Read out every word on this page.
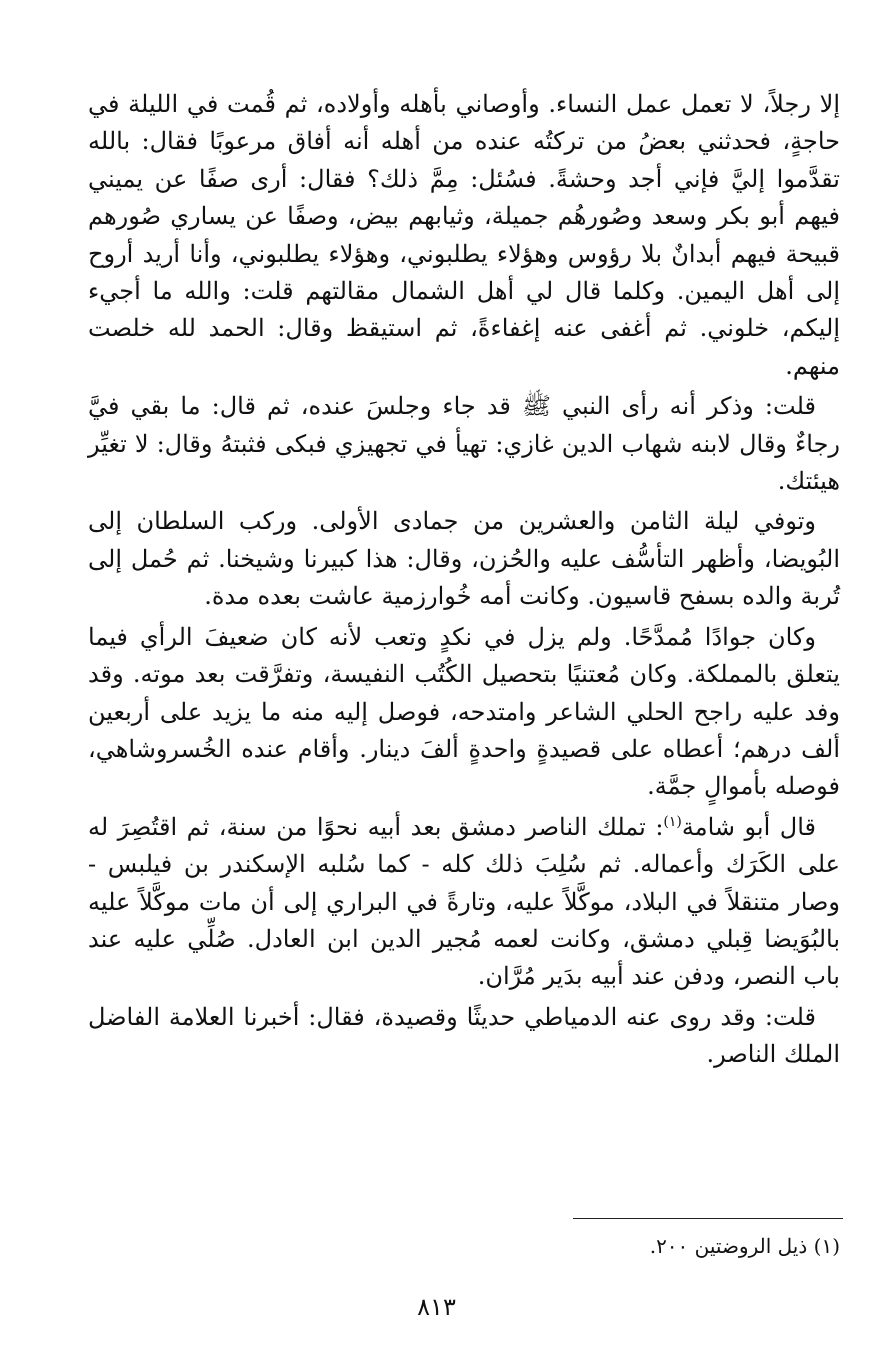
إلا رجلاً، لا تعمل عمل النساء. وأوصاني بأهله وأولاده، ثم قُمت في الليلة في حاجةٍ، فحدثني بعضُ من تركتُه عنده من أهله أنه أفاق مرعوبًا فقال: بالله تقدَّموا إليَّ فإني أجد وحشةً. فسُئل: مِمَّ ذلك؟ فقال: أرى صفًا عن يميني فيهم أبو بكر وسعد وصُورهُم جميلة، وثيابهم بيض، وصفًا عن يساري صُورهم قبيحة فيهم أبدانٌ بلا رؤوس وهؤلاء يطلبوني، وهؤلاء يطلبوني، وأنا أريد أروح إلى أهل اليمين. وكلما قال لي أهل الشمال مقالتهم قلت: والله ما أجيء إليكم، خلوني. ثم أغفى عنه إغفاءةً، ثم استيقظ وقال: الحمد لله خلصت منهم.

قلت: وذكر أنه رأى النبي ﷺ قد جاء وجلسَ عنده، ثم قال: ما بقي فيَّ رجاءٌ وقال لابنه شهاب الدين غازي: تهيأ في تجهيزي فبكى فثبتهُ وقال: لا تغيِّر هيئتك.

وتوفي ليلة الثامن والعشرين من جمادى الأولى. وركب السلطان إلى البُويضا، وأظهر التأسُّف عليه والحُزن، وقال: هذا كبيرنا وشيخنا. ثم حُمل إلى تُربة والده بسفح قاسيون. وكانت أمه خُوارزمية عاشت بعده مدة.

وكان جوادًا مُمدَّحًا. ولم يزل في نكدٍ وتعب لأنه كان ضعيفَ الرأي فيما يتعلق بالمملكة. وكان مُعتنيًا بتحصيل الكُتُب النفيسة، وتفرَّقت بعد موته. وقد وفد عليه راجح الحلي الشاعر وامتدحه، فوصل إليه منه ما يزيد على أربعين ألف درهم؛ أعطاه على قصيدةٍ واحدةٍ ألفَ دينار. وأقام عنده الخُسروشاهي، فوصله بأموالٍ جمَّة.

قال أبو شامة$^{(١)}$: تملك الناصر دمشق بعد أبيه نحوًا من سنة، ثم اقتُصِرَ له على الكَرَك وأعماله. ثم سُلِبَ ذلك كله - كما سُلبه الإسكندر بن فيلبس - وصار متنقلاً في البلاد، موكَّلاً عليه، وتارةً في البراري إلى أن مات موكَّلاً عليه بالبُوَيضا قِبلي دمشق، وكانت لعمه مُجير الدين ابن العادل. صُلِّي عليه عند باب النصر، ودفن عند أبيه بدَير مُرَّان.

قلت: وقد روى عنه الدمياطي حديثًا وقصيدة، فقال: أخبرنا العلامة الفاضل الملك الناصر.

(١) ذيل الروضتين ٢٠٠.
٨١٣
